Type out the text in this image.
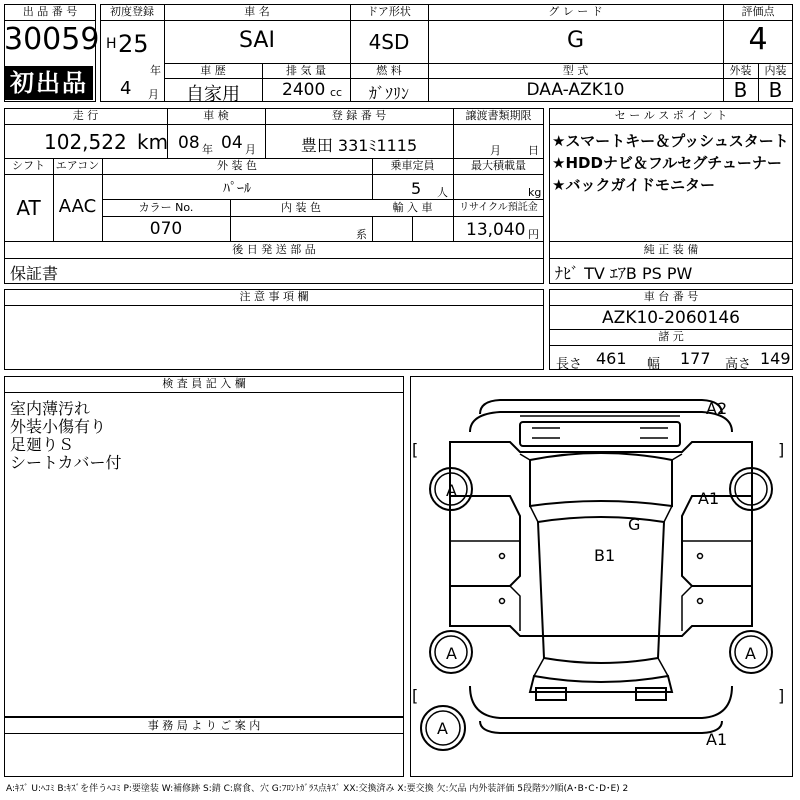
出 品 番 号
30059
初出品
初度登録
H 25
年
4 月
車 名
SAI
ドア形状
4SD
グ レ ー ド
G
評価点
4
車 歴
自家用
排 気 量
2400 cc
燃 料
ｶﾞｿﾘﾝ
型 式
DAA-AZK10
外装
B
内装
B
走 行
102,522 km
車 検
08 年 04 月
登 録 番 号
豊田 331ﾐ1115
譲渡書類期限
月 日
シフト
AT
エアコン
AAC
外 装 色
ﾊﾟｰﾙ
乗車定員
5 人
最大積載量
kg
カラー No.
070
内 装 色
系
輸 入 車	リサイクル預託金
13,040 円
後 日 発 送 部 品
保証書
セ ー ル ス ポ イ ン ト
★スマートキー＆プッシュスタート
★HDDナビ＆フルセグチューナー
★バックガイドモニター
純 正 装 備
ﾅﾋﾞ TV ｴｱB PS PW
注 意 事 項 欄	車 台 番 号
AZK10-2060146
諸 元
長さ 461 幅 177 高さ 149
検 査 員 記 入 欄
室内薄汚れ
外装小傷有り
足廻りＳ
シートカバー付
事 務 局 よ り ご 案 内
A2
A	A1
G
B1
A	A
A1
A
[	]
[	]
A:ｷｽﾞ U:ﾍｺﾐ B:ｷｽﾞを伴うﾍｺﾐ P:要塗装 W:補修跡 S:錆 C:腐食、穴 G:ﾌﾛﾝﾄｶﾞﾗｽ点ｷｽﾞ XX:交換済み X:要交換 欠:欠品 内外装評価 5段階ﾗﾝｸ順(A･B･C･D･E) 2
